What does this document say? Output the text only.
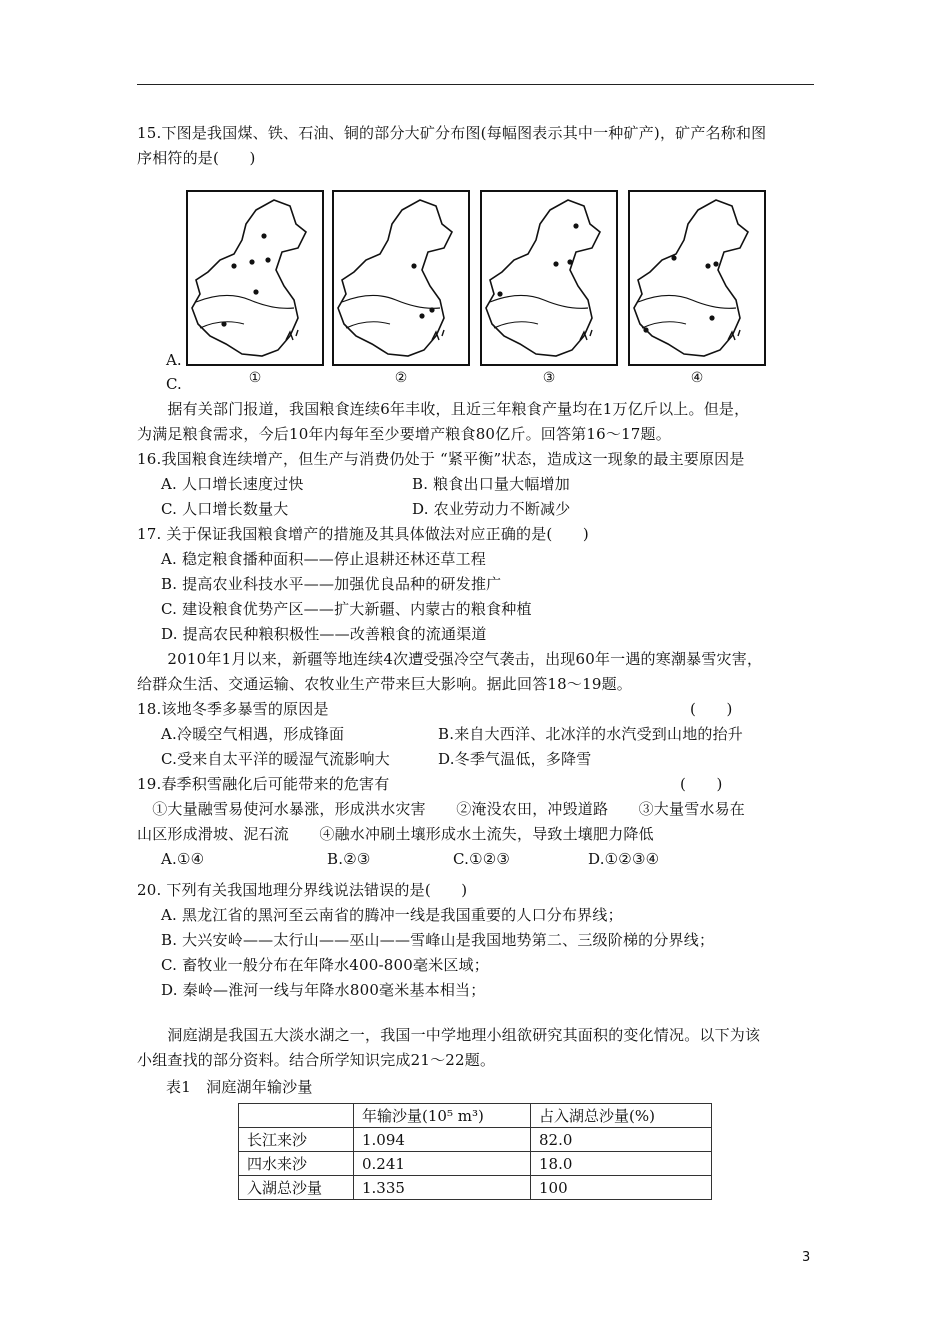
15.下图是我国煤、铁、石油、铜的部分大矿分布图(每幅图表示其中一种矿产)，矿产名称和图
序相符的是(　　)
①	②	③	④
A.
C.
　　据有关部门报道，我国粮食连续6年丰收，且近三年粮食产量均在1万亿斤以上。但是，
为满足粮食需求，今后10年内每年至少要增产粮食80亿斤。回答第16～17题。
16.我国粮食连续增产，但生产与消费仍处于 “紧平衡”状态，造成这一现象的最主要原因是
A. 人口增长速度过快	B. 粮食出口量大幅增加
C. 人口增长数量大	D. 农业劳动力不断减少
17. 关于保证我国粮食增产的措施及其具体做法对应正确的是(　　)
A. 稳定粮食播种面积——停止退耕还林还草工程
B. 提高农业科技水平——加强优良品种的研发推广
C. 建设粮食优势产区——扩大新疆、内蒙古的粮食种植
D. 提高农民种粮积极性——改善粮食的流通渠道
　　2010年1月以来，新疆等地连续4次遭受强冷空气袭击，出现60年一遇的寒潮暴雪灾害，
给群众生活、交通运输、农牧业生产带来巨大影响。据此回答18～19题。
18.该地冬季多暴雪的原因是	(　　)
A.冷暖空气相遇，形成锋面	B.来自大西洋、北冰洋的水汽受到山地的抬升
C.受来自太平洋的暖湿气流影响大	D.冬季气温低，多降雪
19.春季积雪融化后可能带来的危害有	(　　)
　①大量融雪易使河水暴涨，形成洪水灾害　　②淹没农田，冲毁道路　　③大量雪水易在
山区形成滑坡、泥石流　　④融水冲刷土壤形成水土流失，导致土壤肥力降低
A.①④	B.②③	C.①②③	D.①②③④
20. 下列有关我国地理分界线说法错误的是(　　)
A. 黑龙江省的黑河至云南省的腾冲一线是我国重要的人口分布界线；
B. 大兴安岭——太行山——巫山——雪峰山是我国地势第二、三级阶梯的分界线；
C. 畜牧业一般分布在年降水400-800毫米区域；
D. 秦岭—淮河一线与年降水800毫米基本相当；
　　洞庭湖是我国五大淡水湖之一，我国一中学地理小组欲研究其面积的变化情况。以下为该
小组查找的部分资料。结合所学知识完成21～22题。
表1　洞庭湖年输沙量
	年输沙量(10⁵ m³)	占入湖总沙量(%)
长江来沙	1.094	82.0
四水来沙	0.241	18.0
入湖总沙量	1.335	100
3
